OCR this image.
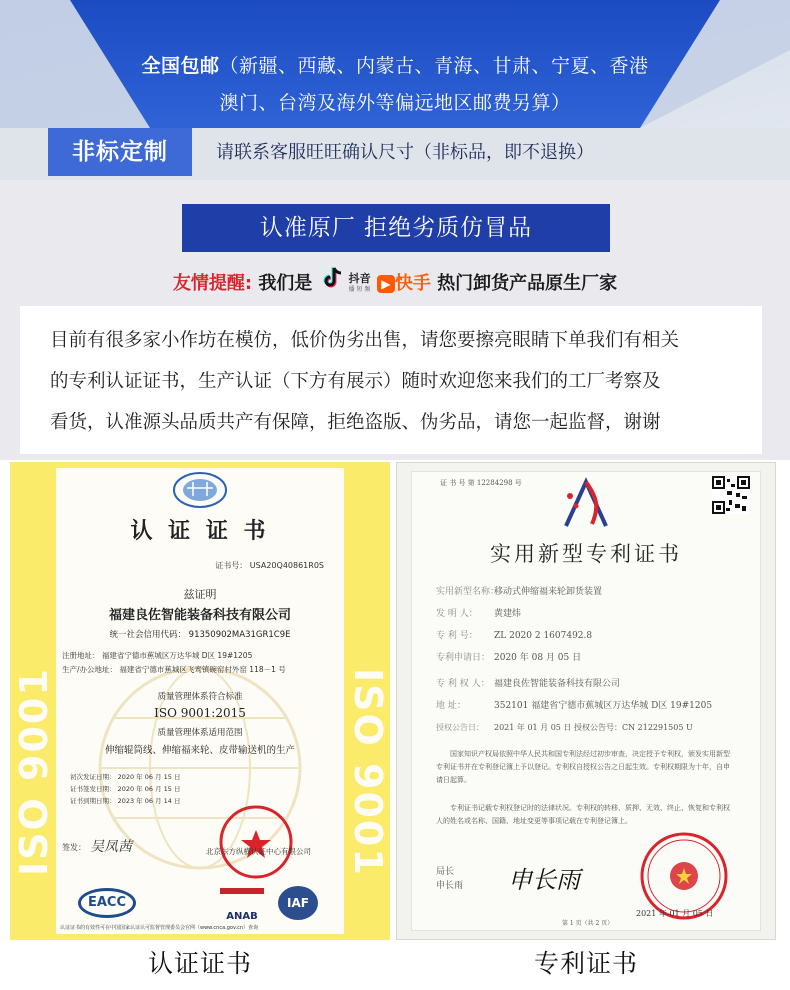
全国包邮（新疆、西藏、内蒙古、青海、甘肃、宁夏、香港
澳门、台湾及海外等偏远地区邮费另算）
非标定制	请联系客服旺旺确认尺寸（非标品，即不退换）
认准原厂 拒绝劣质仿冒品
友情提醒: 我们是	抖音
播 短 频 ▶ 快手 热门卸货产品原生厂家
目前有很多家小作坊在模仿，低价伪劣出售，请您要擦亮眼睛下单我们有相关
的专利认证证书，生产认证（下方有展示）随时欢迎您来我们的工厂考察及
看货，认准源头品质共产有保障，拒绝盗版、伪劣品，请您一起监督，谢谢
ISO 9001	ISO 9001
认 证 证 书
证书号： USA20Q40861R0S
兹证明
福建良佐智能装备科技有限公司
统一社会信用代码： 91350902MA31GR1C9E
注册地址： 福建省宁德市蕉城区万达华城 D区 19#1205
生产/办公地址： 福建省宁德市蕉城区飞鸾镇碗窑村外窑 118－1 号
质量管理体系符合标准
ISO 9001:2015
质量管理体系适用范围
伸缩辊筒线、伸缩福来轮、皮带输送机的生产
初次发证日期： 2020 年 06 月 15 日
证书签发日期： 2020 年 06 月 15 日
证书到期日期： 2023 年 06 月 14 日
签发： 吴凤茜	北京东方纵横认证中心有限公司
EACC
ANAB
IAF
认证证书的有效性可在中国国家认证认可监督管理委员会官网（www.cnca.gov.cn）查询
证 书 号 第 12284298 号
实用新型专利证书
实用新型名称：移动式伸缩福来轮卸货装置
发 明 人： 黄建炜
专 利 号： ZL 2020 2 1607492.8
专利申请日： 2020 年 08 月 05 日
专 利 权 人： 福建良佐智能装备科技有限公司
地 址：	352101 福建省宁德市蕉城区万达华城 D区 19#1205
授权公告日： 2021 年 01 月 05 日 授权公告号：CN 212291505 U
国家知识产权局依照中华人民共和国专利法经过初步审查，决定授予专利权，颁发实用新型专利证书并在专利登记簿上予以登记。专利权自授权公告之日起生效。专利权期限为十年，自申请日起算。
专利证书记载专利权登记时的法律状况。专利权的转移、质押、无效、终止、恢复和专利权人的姓名或名称、国籍、地址变更等事项记载在专利登记簿上。
局长
申长雨 申长雨
2021 年 01 月 05 日
第 1 页（共 2 页）
认证证书	专利证书
